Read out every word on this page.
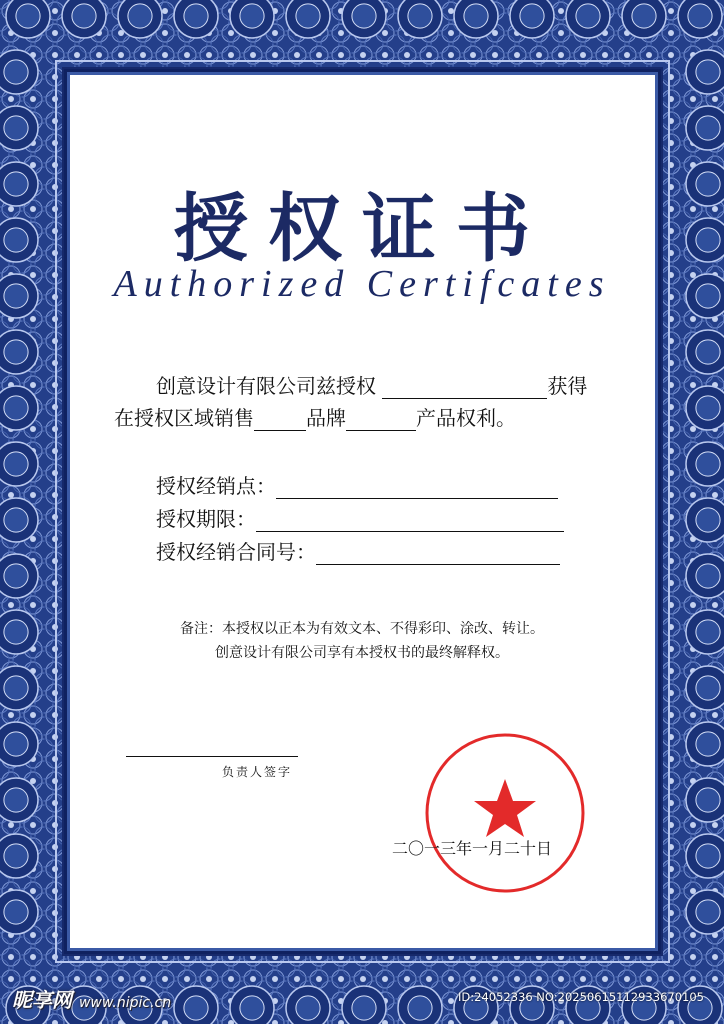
授权证书
Authorized Certifcates
创意设计有限公司兹授权	获得
在授权区域销售	品牌	产品权利。
授权经销点：
授权期限：
授权经销合同号：
备注：本授权以正本为有效文本、不得彩印、涂改、转让。
创意设计有限公司享有本授权书的最终解释权。
负责人签字
二〇一三年一月二十日
昵享网 www.nipic.cn	ID:24052336 NO:20250615112933670105
